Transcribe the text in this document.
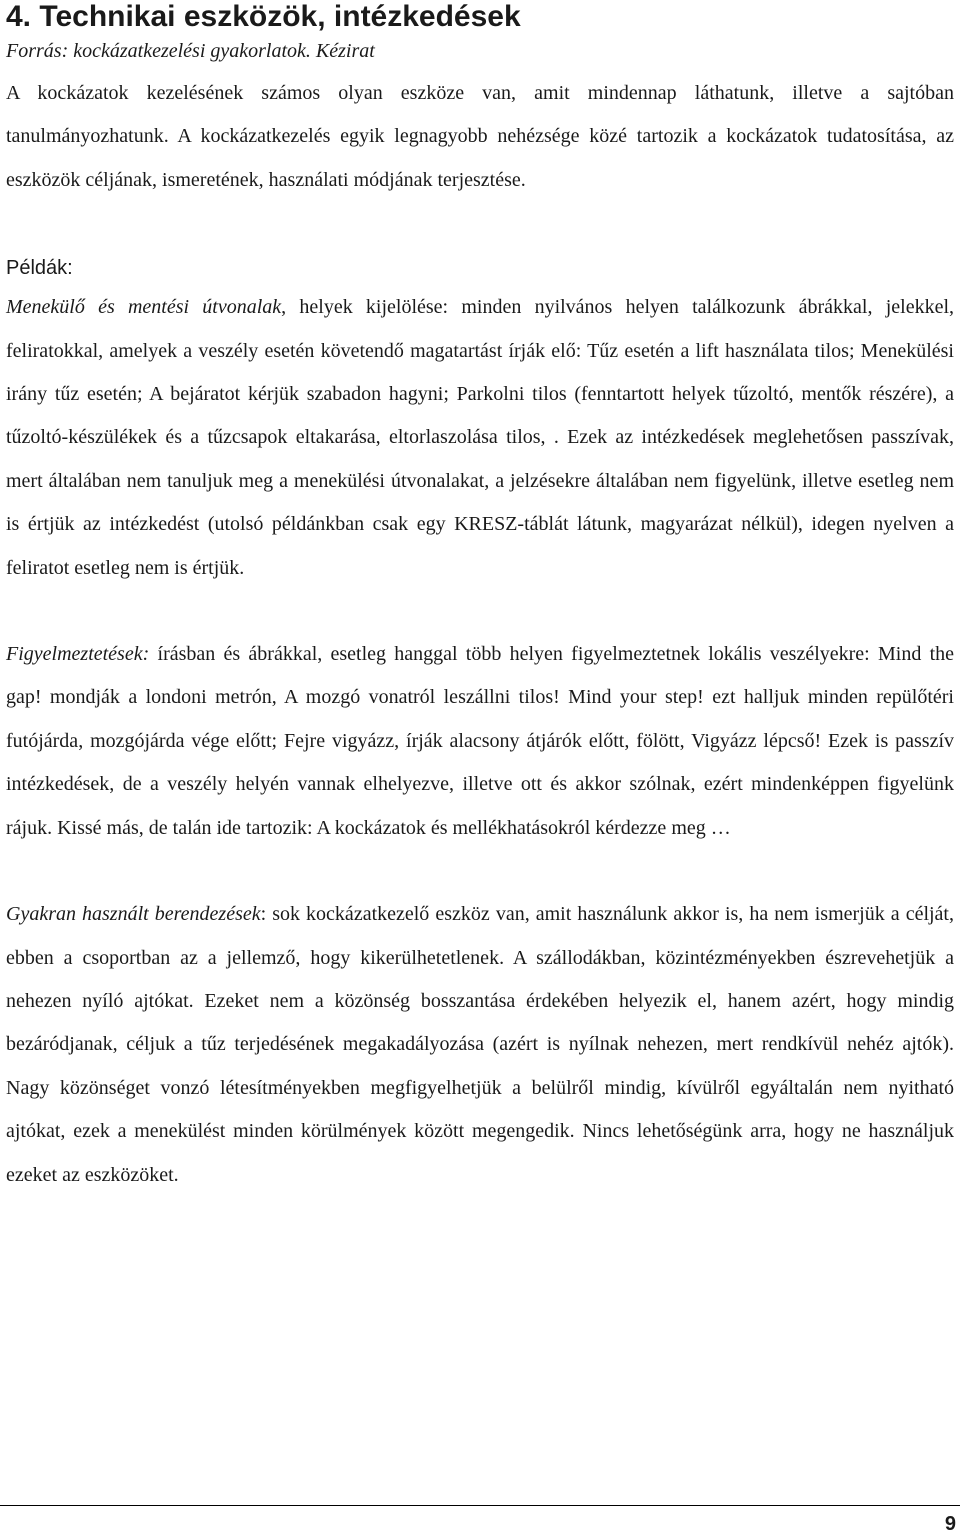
4. Technikai eszközök, intézkedések

Forrás: kockázatkezelési gyakorlatok. Kézirat

A kockázatok kezelésének számos olyan eszköze van, amit mindennap láthatunk, illetve a sajtóban tanulmányozhatunk. A kockázatkezelés egyik legnagyobb nehézsége közé tartozik a kockázatok tudatosítása, az eszközök céljának, ismeretének, használati módjának terjesztése.

Példák:

Menekülő és mentési útvonalak, helyek kijelölése: minden nyilvános helyen találkozunk ábrákkal, jelekkel, feliratokkal, amelyek a veszély esetén követendő magatartást írják elő: Tűz esetén a lift használata tilos; Menekülési irány tűz esetén; A bejáratot kérjük szabadon hagyni; Parkolni tilos (fenntartott helyek tűzoltó, mentők részére), a tűzoltó-készülékek és a tűzcsapok eltakarása, eltorlaszolása tilos, . Ezek az intézkedések meglehetősen passzívak, mert általában nem tanuljuk meg a menekülési útvonalakat, a jelzésekre általában nem figyelünk, illetve esetleg nem is értjük az intézkedést (utolsó példánkban csak egy KRESZ-táblát látunk, magyarázat nélkül), idegen nyelven a feliratot esetleg nem is értjük.

Figyelmeztetések: írásban és ábrákkal, esetleg hanggal több helyen figyelmeztetnek lokális veszélyekre: Mind the gap! mondják a londoni metrón, A mozgó vonatról leszállni tilos! Mind your step! ezt halljuk minden repülőtéri futójárda, mozgójárda vége előtt; Fejre vigyázz, írják alacsony átjárók előtt, fölött, Vigyázz lépcső! Ezek is passzív intézkedések, de a veszély helyén vannak elhelyezve, illetve ott és akkor szólnak, ezért mindenképpen figyelünk rájuk. Kissé más, de talán ide tartozik: A kockázatok és mellékhatásokról kérdezze meg …

Gyakran használt berendezések: sok kockázatkezelő eszköz van, amit használunk akkor is, ha nem ismerjük a célját, ebben a csoportban az a jellemző, hogy kikerülhetetlenek. A szállodákban, közintézményekben észrevehetjük a nehezen nyíló ajtókat. Ezeket nem a közönség bosszantása érdekében helyezik el, hanem azért, hogy mindig bezáródjanak, céljuk a tűz terjedésének megakadályozása (azért is nyílnak nehezen, mert rendkívül nehéz ajtók). Nagy közönséget vonzó létesítményekben megfigyelhetjük a belülről mindig, kívülről egyáltalán nem nyitható ajtókat, ezek a menekülést minden körülmények között megengedik. Nincs lehetőségünk arra, hogy ne használjuk ezeket az eszközöket.

9
